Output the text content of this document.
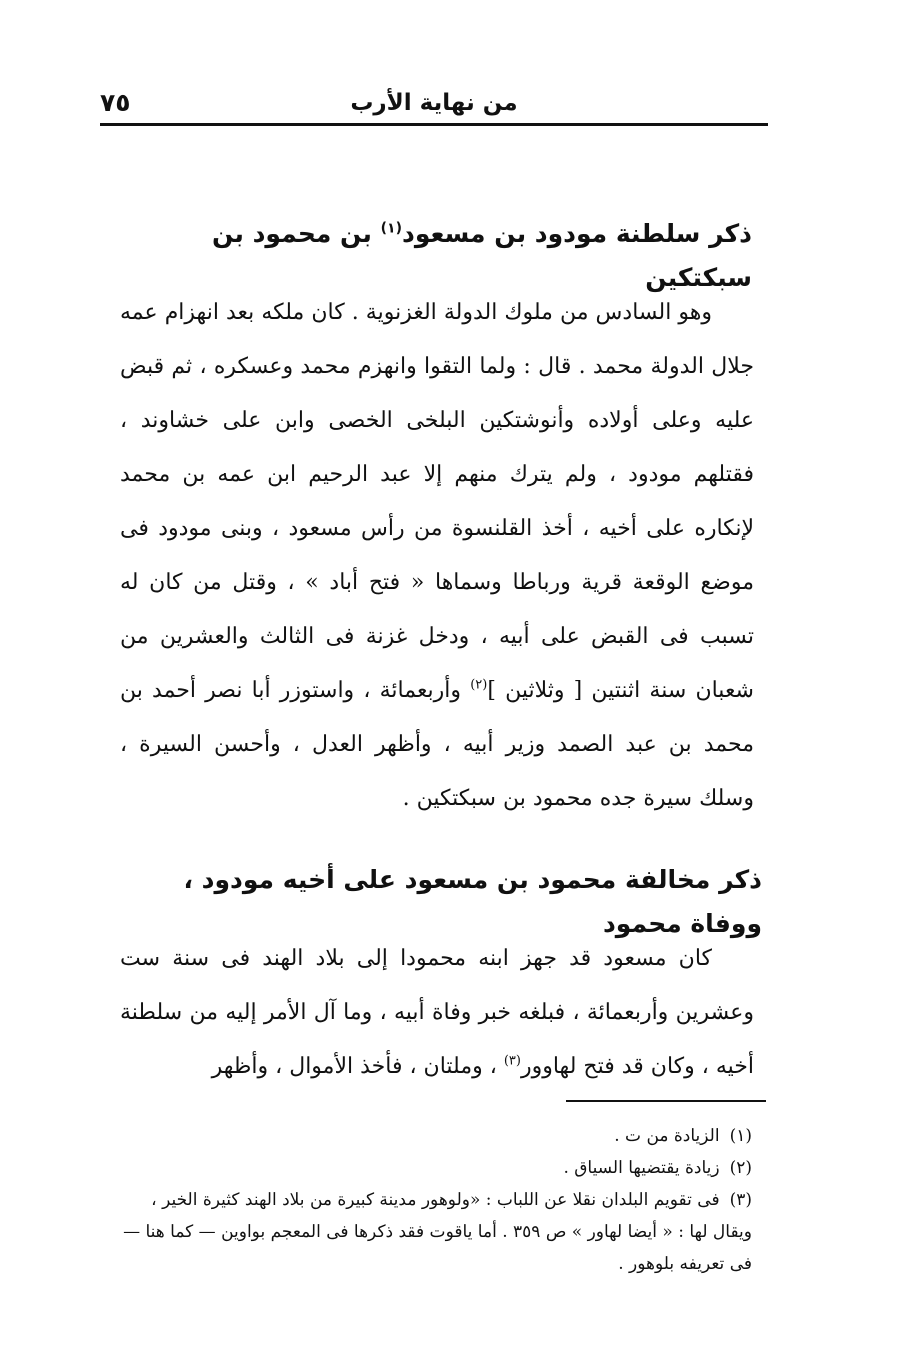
من نهاية الأرب
٧٥
ذكر سلطنة مودود بن مسعود$^{(١)}$ بن محمود بن سبكتكين
وهو السادس من ملوك الدولة الغزنوية . كان ملكه بعد انهزام عمه جلال الدولة محمد . قال : ولما التقوا وانهزم محمد وعسكره ، ثم قبض عليه وعلى أولاده وأنوشتكين البلخى الخصى وابن على خشاوند ، فقتلهم مودود ، ولم يترك منهم إلا عبد الرحيم ابن عمه بن محمد لإنكاره على أخيه ، أخذ القلنسوة من رأس مسعود ، وبنى مودود فى موضع الوقعة قرية ورباطا وسماها « فتح أباد » ، وقتل من كان له تسبب فى القبض على أبيه ، ودخل غزنة فى الثالث والعشرين من شعبان سنة اثنتين [ وثلاثين ]$^{(٢)}$ وأربعمائة ، واستوزر أبا نصر أحمد بن محمد بن عبد الصمد وزير أبيه ، وأظهر العدل ، وأحسن السيرة ، وسلك سيرة جده محمود بن سبكتكين .
ذكر مخالفة محمود بن مسعود على أخيه مودود ، ووفاة محمود
كان مسعود قد جهز ابنه محمودا إلى بلاد الهند فى سنة ست وعشرين وأربعمائة ، فبلغه خبر وفاة أبيه ، وما آل الأمر إليه من سلطنة أخيه ، وكان قد فتح لهاوور$^{(٣)}$ ، وملتان ، فأخذ الأموال ، وأظهر

(١)الزيادة من ت .

(٢)زيادة يقتضيها السياق .

(٣)فى تقويم البلدان نقلا عن اللباب : «ولوهور مدينة كبيرة من بلاد الهند كثيرة الخير ، ويقال لها : « أيضا لهاور » ص ٣٥٩ . أما ياقوت فقد ذكرها فى المعجم بواوين — كما هنا — فى تعريفه بلوهور .
